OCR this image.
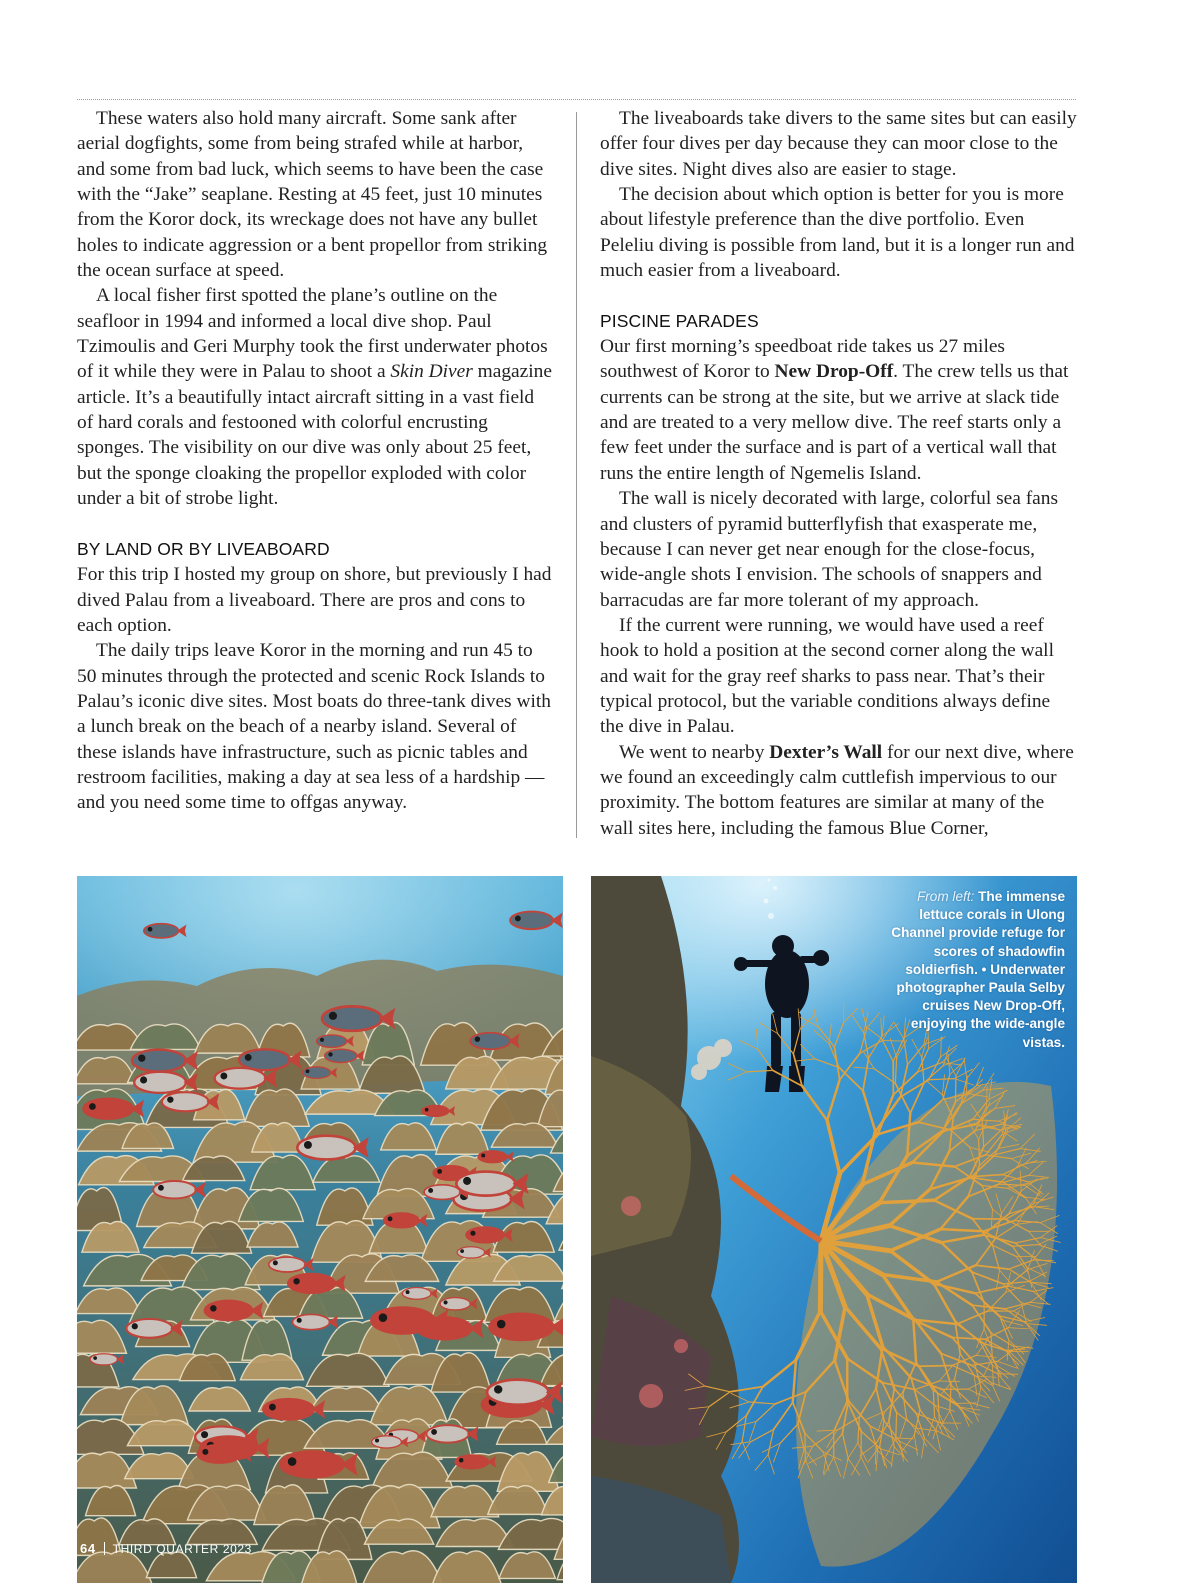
These waters also hold many aircraft. Some sank after aerial dogfights, some from being strafed while at harbor, and some from bad luck, which seems to have been the case with the “Jake” seaplane. Resting at 45 feet, just 10 minutes from the Koror dock, its wreckage does not have any bullet holes to indicate aggression or a bent propellor from striking the ocean surface at speed.

A local fisher first spotted the plane’s outline on the seafloor in 1994 and informed a local dive shop. Paul Tzimoulis and Geri Murphy took the first underwater photos of it while they were in Palau to shoot a Skin Diver magazine article. It’s a beautifully intact aircraft sitting in a vast field of hard corals and festooned with colorful encrusting sponges. The visibility on our dive was only about 25 feet, but the sponge cloaking the propellor exploded with color under a bit of strobe light.

BY LAND OR BY LIVEABOARD

For this trip I hosted my group on shore, but previously I had dived Palau from a liveaboard. There are pros and cons to each option.

The daily trips leave Koror in the morning and run 45 to 50 minutes through the protected and scenic Rock Islands to Palau’s iconic dive sites. Most boats do three-tank dives with a lunch break on the beach of a nearby island. Several of these islands have infrastructure, such as picnic tables and restroom facilities, making a day at sea less of a hardship — and you need some time to offgas anyway.

The liveaboards take divers to the same sites but can easily offer four dives per day because they can moor close to the dive sites. Night dives also are easier to stage.

The decision about which option is better for you is more about lifestyle preference than the dive portfolio. Even Peleliu diving is possible from land, but it is a longer run and much easier from a liveaboard.

PISCINE PARADES

Our first morning’s speedboat ride takes us 27 miles southwest of Koror to New Drop-Off. The crew tells us that currents can be strong at the site, but we arrive at slack tide and are treated to a very mellow dive. The reef starts only a few feet under the surface and is part of a vertical wall that runs the entire length of Ngemelis Island.

The wall is nicely decorated with large, colorful sea fans and clusters of pyramid butterflyfish that exasperate me, because I can never get near enough for the close-focus, wide-angle shots I envision. The schools of snappers and barracudas are far more tolerant of my approach.

If the current were running, we would have used a reef hook to hold a position at the second corner along the wall and wait for the gray reef sharks to pass near. That’s their typical protocol, but the variable conditions always define the dive in Palau.

We went to nearby Dexter’s Wall for our next dive, where we found an exceedingly calm cuttlefish impervious to our proximity. The bottom features are similar at many of the wall sites here, including the famous Blue Corner,

From left: The immense lettuce corals in Ulong Channel provide refuge for scores of shadowfin soldierfish. • Underwater photographer Paula Selby cruises New Drop-Off, enjoying the wide-angle vistas.
64 THIRD QUARTER 2023
